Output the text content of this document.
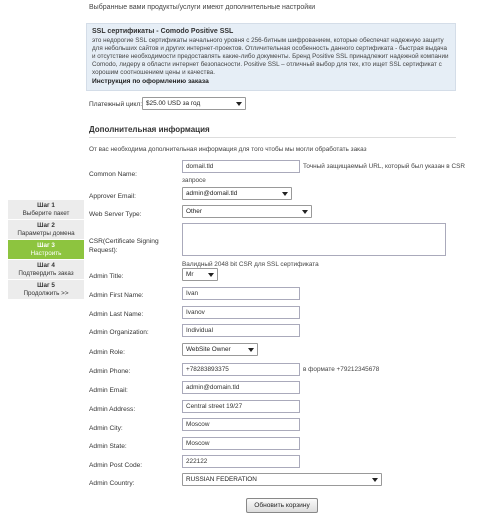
Выбранные вами продукты/услуги имеют дополнительные настройки
SSL сертификаты - Comodo Positive SSL
это недорогие SSL сертификаты начального уровня с 256-битным шифрованием, которые обеспечат надежную защиту для небольших сайтов и других интернет-проектов. Отличительная особенность данного сертификата - быстрая выдача и отсутствие необходимости предоставлять какие-либо документы. Бренд Positive SSL принадлежит надежной компании Comodo, лидеру в области интернет безопасности. Positive SSL – отличный выбор для тех, кто ищет SSL сертификат с хорошим соотношением цены и качества.
Инструкция по оформлению заказа
Платежный цикл: $25.00 USD за год
Дополнительная информация
От вас необходима дополнительная информация для того чтобы мы могли обработать заказ
Шаг 1
Выберите пакет
Шаг 2
Параметры домена
Шаг 3
Настроить
Шаг 4
Подтвердить заказ
Шаг 5
Продолжить >>
Common Name:
domail.tld	Точный защищаемый URL, который был указан в CSR
запросе
Approver Email:	admin@domail.tld
Web Server Type:	Other
CSR(Certificate Signing
Request):
Валидный 2048 bit CSR для SSL сертификата
Admin Title:	Mr
Admin First Name:	Ivan
Admin Last Name:	Ivanov
Admin Organization:	Individual
Admin Role:	WebSite Owner
Admin Phone:	+78283893375	в формате +79212345678
Admin Email:	admin@domain.tld
Admin Address:	Central street 19/27
Admin City:
Moscow
Admin State:	Moscow
Admin Post Code:
222122
Admin Country:
RUSSIAN FEDERATION
Обновить корзину
